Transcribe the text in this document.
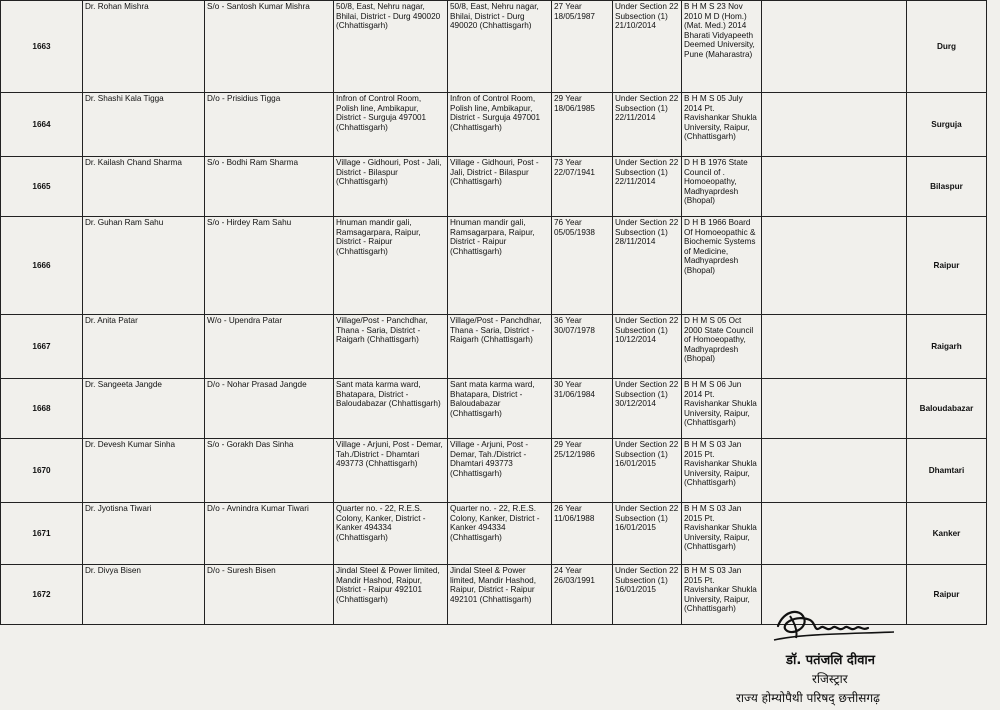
1663	Dr. Rohan Mishra	S/o - Santosh Kumar Mishra	50/8, East, Nehru nagar, Bhilai, District - Durg 490020 (Chhattisgarh)	50/8, East, Nehru nagar, Bhilai, District - Durg 490020 (Chhattisgarh)	27 Year 18/05/1987	Under Section 22 Subsection (1) 21/10/2014	B H M S 23 Nov 2010 M D (Hom.) (Mat. Med.) 2014 Bharati Vidyapeeth Deemed University, Pune (Maharastra)		Durg
1664	Dr. Shashi Kala Tigga	D/o - Prisidius Tigga	Infron of Control Room, Polish line, Ambikapur, District - Surguja 497001 (Chhattisgarh)	Infron of Control Room, Polish line, Ambikapur, District - Surguja 497001 (Chhattisgarh)	29 Year 18/06/1985	Under Section 22 Subsection (1) 22/11/2014	B H M S 05 July 2014 Pt. Ravishankar Shukla University, Raipur, (Chhattisgarh)		Surguja
1665	Dr. Kailash Chand Sharma	S/o - Bodhi Ram Sharma	Village - Gidhouri, Post - Jali, District - Bilaspur (Chhattisgarh)	Village - Gidhouri, Post - Jali, District - Bilaspur (Chhattisgarh)	73 Year 22/07/1941	Under Section 22 Subsection (1) 22/11/2014	D H B 1976 State Council of . Homoeopathy, Madhyaprdesh (Bhopal)		Bilaspur
1666	Dr. Guhan Ram Sahu	S/o - Hirdey Ram Sahu	Hnuman mandir gali, Ramsagarpara, Raipur, District - Raipur (Chhattisgarh)	Hnuman mandir gali, Ramsagarpara, Raipur, District - Raipur (Chhattisgarh)	76 Year 05/05/1938	Under Section 22 Subsection (1) 28/11/2014	D H B 1966 Board Of Homoeopathic & Biochemic Systems of Medicine, Madhyaprdesh (Bhopal)		Raipur
1667	Dr. Anita Patar	W/o - Upendra Patar	Village/Post - Panchdhar, Thana - Saria, District - Raigarh (Chhattisgarh)	Village/Post - Panchdhar, Thana - Saria, District - Raigarh (Chhattisgarh)	36 Year 30/07/1978	Under Section 22 Subsection (1) 10/12/2014	D H M S 05 Oct 2000 State Council of Homoeopathy, Madhyaprdesh (Bhopal)		Raigarh
1668	Dr. Sangeeta Jangde	D/o - Nohar Prasad Jangde	Sant mata karma ward, Bhatapara, District - Baloudabazar (Chhattisgarh)	Sant mata karma ward, Bhatapara, District - Baloudabazar (Chhattisgarh)	30 Year 31/06/1984	Under Section 22 Subsection (1) 30/12/2014	B H M S 06 Jun 2014 Pt. Ravishankar Shukla University, Raipur, (Chhattisgarh)		Baloudabazar
1670	Dr. Devesh Kumar Sinha	S/o - Gorakh Das Sinha	Village - Arjuni, Post - Demar, Tah./District - Dhamtari 493773 (Chhattisgarh)	Village - Arjuni, Post - Demar, Tah./District - Dhamtari 493773 (Chhattisgarh)	29 Year 25/12/1986	Under Section 22 Subsection (1) 16/01/2015	B H M S 03 Jan 2015 Pt. Ravishankar Shukla University, Raipur, (Chhattisgarh)		Dhamtari
1671	Dr. Jyotisna Tiwari	D/o - Avnindra Kumar Tiwari	Quarter no. - 22, R.E.S. Colony, Kanker, District - Kanker 494334 (Chhattisgarh)	Quarter no. - 22, R.E.S. Colony, Kanker, District - Kanker 494334 (Chhattisgarh)	26 Year 11/06/1988	Under Section 22 Subsection (1) 16/01/2015	B H M S 03 Jan 2015 Pt. Ravishankar Shukla University, Raipur, (Chhattisgarh)		Kanker
1672	Dr. Divya Bisen	D/o - Suresh Bisen	Jindal Steel & Power limited, Mandir Hashod, Raipur, District - Raipur 492101 (Chhattisgarh)	Jindal Steel & Power limited, Mandir Hashod, Raipur, District - Raipur 492101 (Chhattisgarh)	24 Year 26/03/1991	Under Section 22 Subsection (1) 16/01/2015	B H M S 03 Jan 2015 Pt. Ravishankar Shukla University, Raipur, (Chhattisgarh)		Raipur
डॉ. पतंजलि दीवान
रजिस्ट्रार
राज्य होम्योपैथी परिषद् छत्तीसगढ़
